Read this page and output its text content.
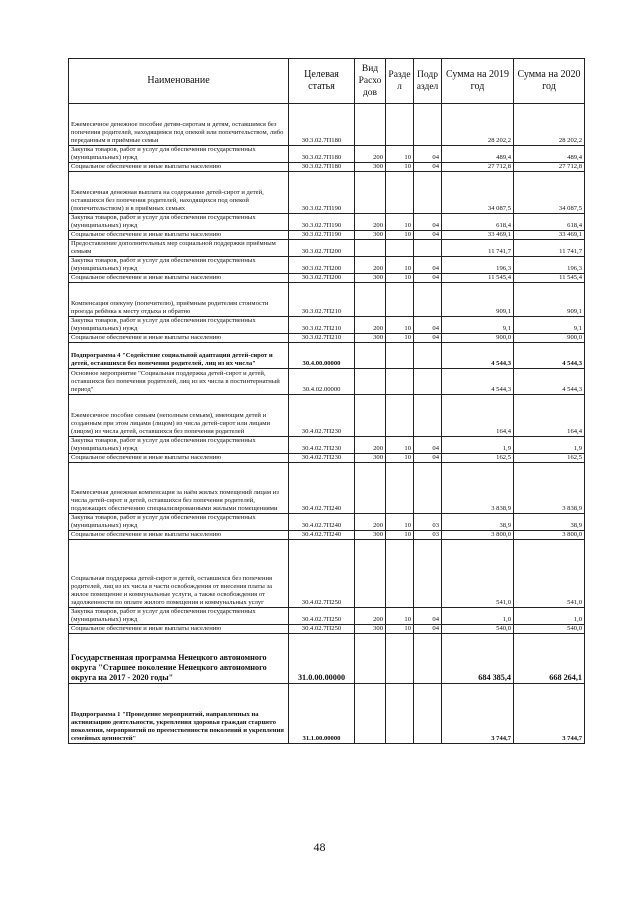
Наименование	Целевая статья	Вид Расхо дов	Разде л	Подр аздел	Сумма на 2019 год	Сумма на 2020 год
Ежемесячное денежное пособие детям-сиротам и детям, оставшимся без попечения родителей, находящимся под опекой или попечительством, либо переданным в приёмные семьи	30.3.02.7П180				28 202,2	28 202,2
Закупка товаров, работ и услуг для обеспечения государственных (муниципальных) нужд	30.3.02.7П180	200	10	04	489,4	489,4
Социальное обеспечение и иные выплаты населению	30.3.02.7П180	300	10	04	27 712,8	27 712,8
Ежемесячная денежная выплата на содержание детей-сирот и детей, оставшихся без попечения родителей, находящихся под опекой (попечительством) и в приёмных семьях	30.3.02.7П190				34 087,5	34 087,5
Закупка товаров, работ и услуг для обеспечения государственных (муниципальных) нужд	30.3.02.7П190	200	10	04	618,4	618,4
Социальное обеспечение и иные выплаты населению	30.3.02.7П190	300	10	04	33 469,1	33 469,1
Предоставление дополнительных мер социальной поддержки приёмным семьям	30.3.02.7П200				11 741,7	11 741,7
Закупка товаров, работ и услуг для обеспечения государственных (муниципальных) нужд	30.3.02.7П200	200	10	04	196,3	196,3
Социальное обеспечение и иные выплаты населению	30.3.02.7П200	300	10	04	11 545,4	11 545,4
Компенсация опекуну (попечителю), приёмным родителям стоимости проезда ребёнка к месту отдыха и обратно	30.3.02.7П210				909,1	909,1
Закупка товаров, работ и услуг для обеспечения государственных (муниципальных) нужд	30.3.02.7П210	200	10	04	9,1	9,1
Социальное обеспечение и иные выплаты населению	30.3.02.7П210	300	10	04	900,0	900,0
Подпрограмма 4 "Содействие социальной адаптации детей-сирот и детей, оставшихся без попечения родителей, лиц из их числа"	30.4.00.00000				4 544,3	4 544,3
Основное мероприятие "Социальная поддержка детей-сирот и детей, оставшихся без попечения родителей, лиц из их числа в постинтернатный период"	30.4.02.00000				4 544,3	4 544,3
Ежемесячное пособие семьям (неполным семьям), имеющим детей и созданным при этом лицами (лицом) из числа детей-сирот или лицами (лицом) из числа детей, оставшихся без попечения родителей	30.4.02.7П230				164,4	164,4
Закупка товаров, работ и услуг для обеспечения государственных (муниципальных) нужд	30.4.02.7П230	200	10	04	1,9	1,9
Социальное обеспечение и иные выплаты населению	30.4.02.7П230	300	10	04	162,5	162,5
Ежемесячная денежная компенсация за наём жилых помещений лицам из числа детей-сирот и детей, оставшихся без попечения родителей, подлежащих обеспечению специализированными жилыми помещениями	30.4.02.7П240				3 838,9	3 838,9
Закупка товаров, работ и услуг для обеспечения государственных (муниципальных) нужд	30.4.02.7П240	200	10	03	38,9	38,9
Социальное обеспечение и иные выплаты населению	30.4.02.7П240	300	10	03	3 800,0	3 800,0
Социальная поддержка детей-сирот и детей, оставшихся без попечения родителей, лиц из их числа в части освобождения от внесения платы за жилое помещение и коммунальные услуги, а также освобождения от задолженности по оплате жилого помещения и коммунальных услуг	30.4.02.7П250				541,0	541,0
Закупка товаров, работ и услуг для обеспечения государственных (муниципальных) нужд	30.4.02.7П250	200	10	04	1,0	1,0
Социальное обеспечение и иные выплаты населению	30.4.02.7П250	300	10	04	540,0	540,0
Государственная программа Ненецкого автономного округа "Старшее поколение Ненецкого автономного округа на 2017 - 2020 годы"	31.0.00.00000				684 385,4	668 264,1
Подпрограмма 1 "Проведение мероприятий, направленных на активизацию деятельности, укрепления здоровья граждан старшего поколения, мероприятий по преемственности поколений и укрепления семейных ценностей"	31.1.00.00000				3 744,7	3 744,7
48
